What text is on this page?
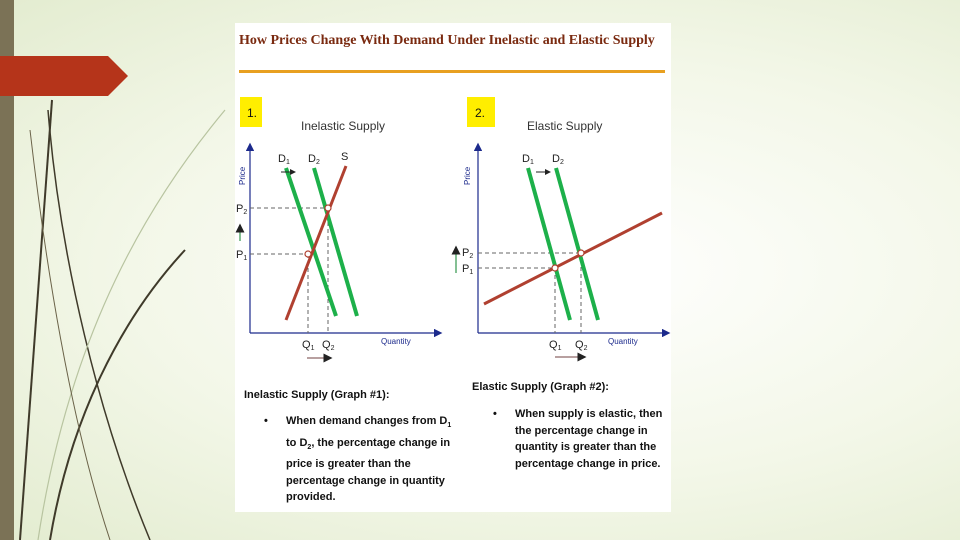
How Prices Change With Demand Under Inelastic and Elastic Supply

1.
Inelastic Supply
Price
Quantity
D1 D2 S
P2
P1
Q1 Q2
2.
Elastic Supply
Price
Quantity
D1 D2
P2
P1
Q1 Q2
Inelastic Supply (Graph #1):
• When demand changes from $D_1$ to $D_2$, the percentage change in price is greater than the percentage change in quantity provided.
Elastic Supply (Graph #2):
• When supply is elastic, then the percentage change in quantity is greater than the percentage change in price.
